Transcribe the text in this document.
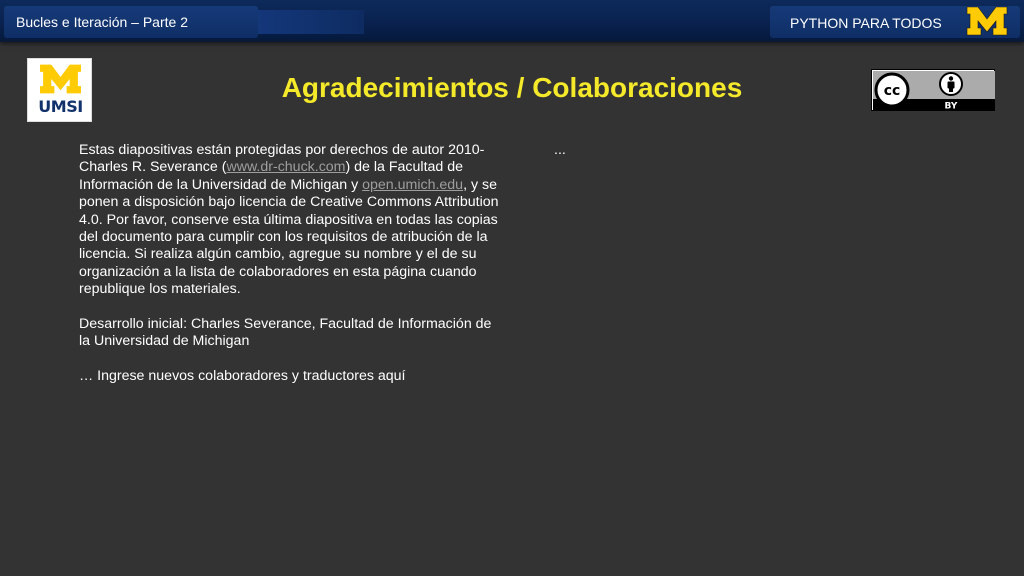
Bucles e Iteración – Parte 2	PYTHON PARA TODOS
UMSI
Agradecimientos / Colaboraciones	cc
BY

Estas diapositivas están protegidas por derechos de autor 2010- Charles R. Severance (www.dr-chuck.com) de la Facultad de Información de la Universidad de Michigan y open.umich.edu, y se ponen a disposición bajo licencia de Creative Commons Attribution 4.0. Por favor, conserve esta última diapositiva en todas las copias del documento para cumplir con los requisitos de atribución de la licencia. Si realiza algún cambio, agregue su nombre y el de su organización a la lista de colaboradores en esta página cuando republique los materiales.

Desarrollo inicial: Charles Severance, Facultad de Información de la Universidad de Michigan

… Ingrese nuevos colaboradores y traductores aquí

...
